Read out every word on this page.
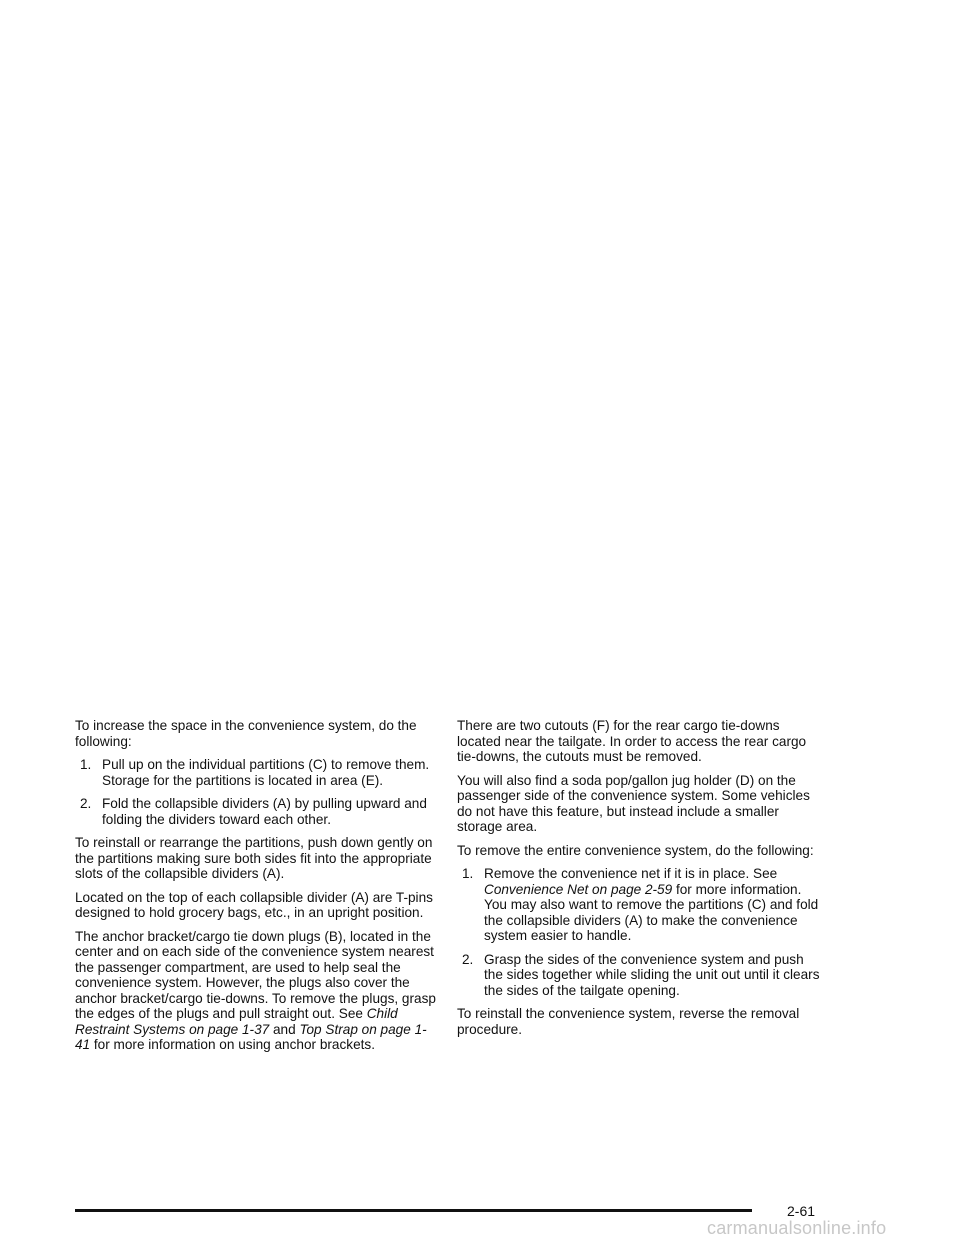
To increase the space in the convenience system, do the following:

1. Pull up on the individual partitions (C) to remove them. Storage for the partitions is located in area (E).
2. Fold the collapsible dividers (A) by pulling upward and folding the dividers toward each other.

To reinstall or rearrange the partitions, push down gently on the partitions making sure both sides fit into the appropriate slots of the collapsible dividers (A).

Located on the top of each collapsible divider (A) are T-pins designed to hold grocery bags, etc., in an upright position.

The anchor bracket/cargo tie down plugs (B), located in the center and on each side of the convenience system nearest the passenger compartment, are used to help seal the convenience system. However, the plugs also cover the anchor bracket/cargo tie-downs. To remove the plugs, grasp the edges of the plugs and pull straight out. See Child Restraint Systems on page 1-37 and Top Strap on page 1-41 for more information on using anchor brackets.

There are two cutouts (F) for the rear cargo tie-downs located near the tailgate. In order to access the rear cargo tie-downs, the cutouts must be removed.

You will also find a soda pop/gallon jug holder (D) on the passenger side of the convenience system. Some vehicles do not have this feature, but instead include a smaller storage area.

To remove the entire convenience system, do the following:

1. Remove the convenience net if it is in place. See Convenience Net on page 2-59 for more information. You may also want to remove the partitions (C) and fold the collapsible dividers (A) to make the convenience system easier to handle.
2. Grasp the sides of the convenience system and push the sides together while sliding the unit out until it clears the sides of the tailgate opening.

To reinstall the convenience system, reverse the removal procedure.

2-61
carmanualsonline.info
